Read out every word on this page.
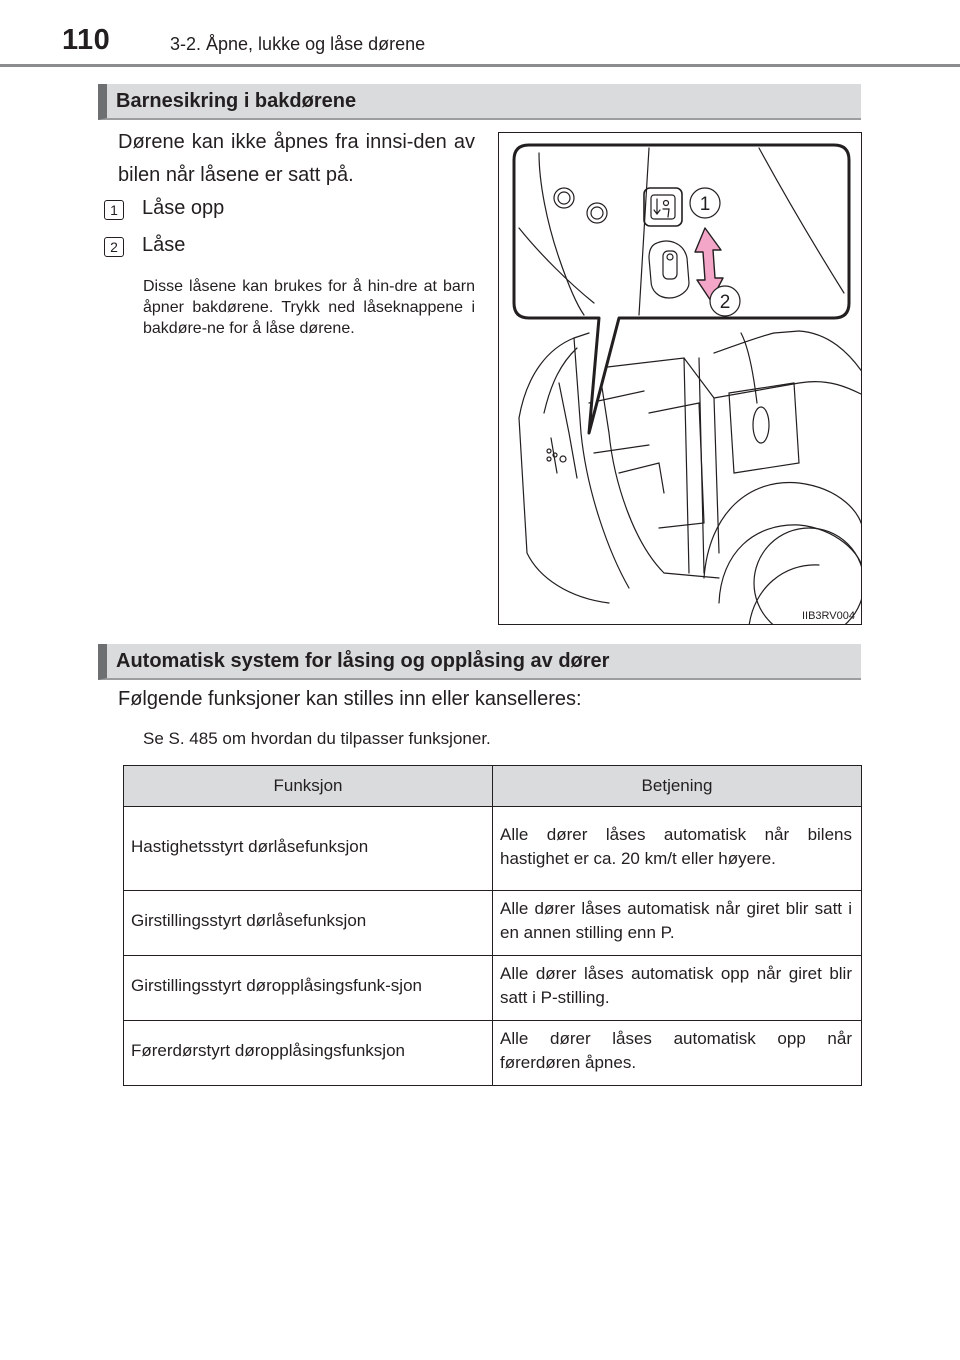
110	3-2. Åpne, lukke og låse dørene
Barnesikring i bakdørene

Dørene kan ikke åpnes fra innsi-den av bilen når låsene er satt på.

1	Låse opp
2	Låse

Disse låsene kan brukes for å hin-dre at barn åpner bakdørene. Trykk ned låseknappene i bakdøre-ne for å låse dørene.

1
2
IIB3RV004
Automatisk system for låsing og opplåsing av dører

Følgende funksjoner kan stilles inn eller kanselleres:

Se S. 485 om hvordan du tilpasser funksjoner.

Funksjon	Betjening
Hastighetsstyrt dørlåsefunksjon	Alle dører låses automatisk når bilens hastighet er ca. 20 km/t eller høyere.
Girstillingsstyrt dørlåsefunksjon	Alle dører låses automatisk når giret blir satt i en annen stilling enn P.
Girstillingsstyrt døropplåsingsfunk-sjon	Alle dører låses automatisk opp når giret blir satt i P-stilling.
Førerdørstyrt døropplåsingsfunksjon	Alle dører låses automatisk opp når førerdøren åpnes.
